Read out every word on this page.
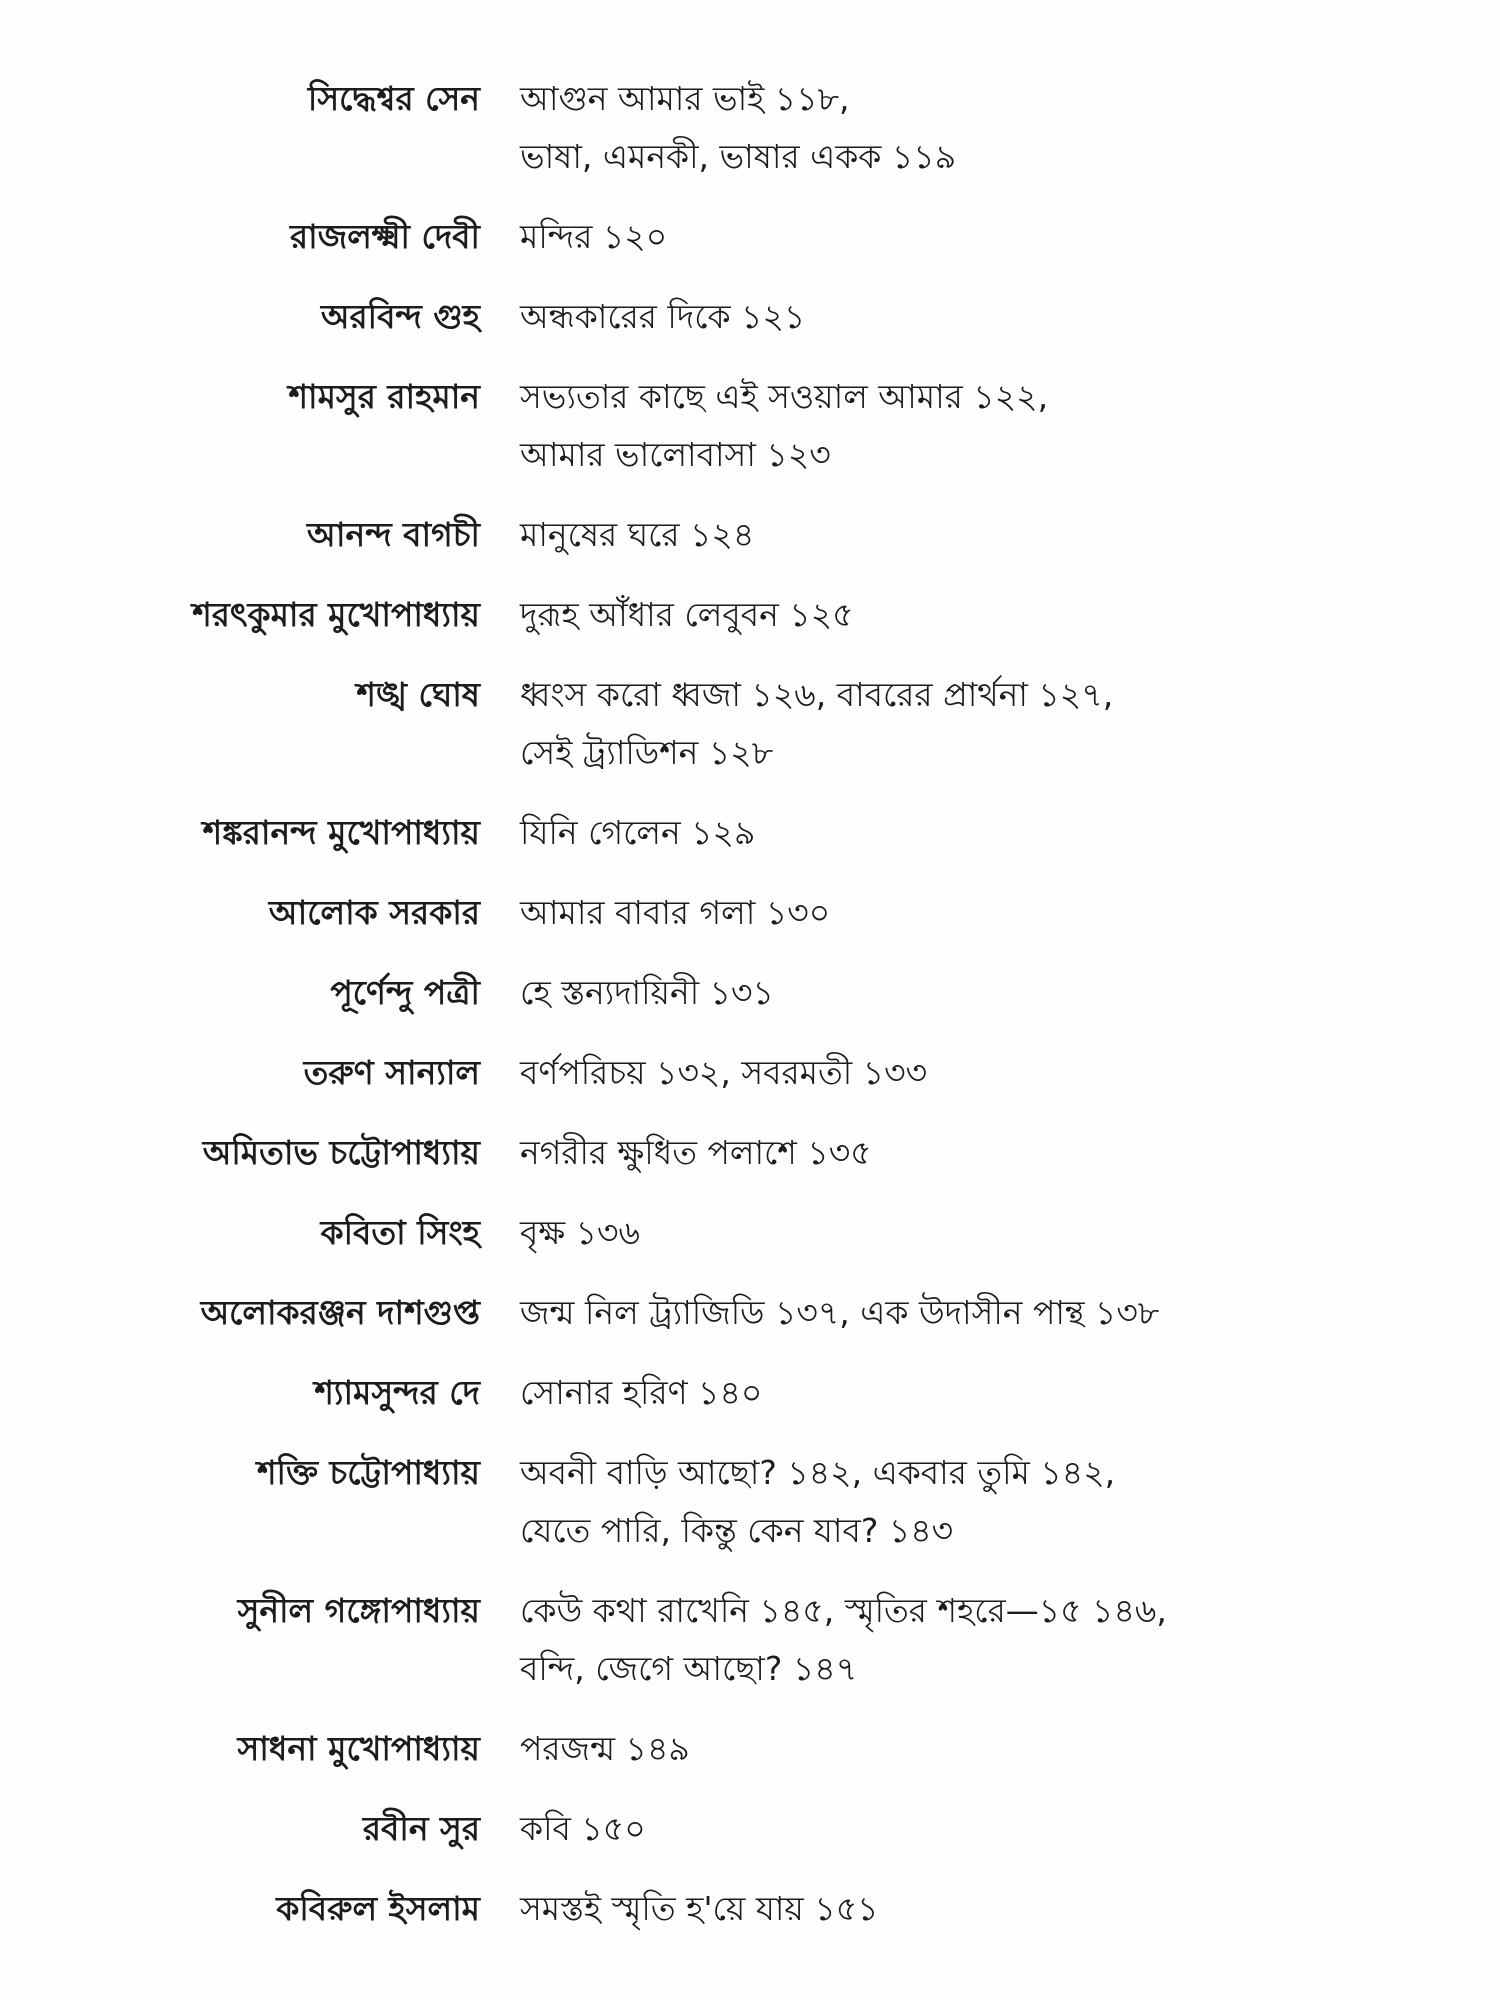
সিদ্ধেশ্বর সেন	আগুন আমার ভাই ১১৮,
ভাষা, এমনকী, ভাষার একক ১১৯
রাজলক্ষ্মী দেবী	মন্দির ১২০
অরবিন্দ গুহ	অন্ধকারের দিকে ১২১
শামসুর রাহমান	সভ্যতার কাছে এই সওয়াল আমার ১২২,
আমার ভালোবাসা ১২৩
আনন্দ বাগচী	মানুষের ঘরে ১২৪
শরৎকুমার মুখোপাধ্যায়	দুরূহ আঁধার লেবুবন ১২৫
শঙ্খ ঘোষ	ধ্বংস করো ধ্বজা ১২৬, বাবরের প্রার্থনা ১২৭,
সেই ট্র্যাডিশন ১২৮
শঙ্করানন্দ মুখোপাধ্যায়	যিনি গেলেন ১২৯
আলোক সরকার	আমার বাবার গলা ১৩০
পূর্ণেন্দু পত্রী	হে স্তন্যদায়িনী ১৩১
তরুণ সান্যাল	বর্ণপরিচয় ১৩২, সবরমতী ১৩৩
অমিতাভ চট্টোপাধ্যায়	নগরীর ক্ষুধিত পলাশে ১৩৫
কবিতা সিংহ	বৃক্ষ ১৩৬
অলোকরঞ্জন দাশগুপ্ত	জন্ম নিল ট্র্যাজিডি ১৩৭, এক উদাসীন পান্থ ১৩৮
শ্যামসুন্দর দে	সোনার হরিণ ১৪০
শক্তি চট্টোপাধ্যায়	অবনী বাড়ি আছো? ১৪২, একবার তুমি ১৪২,
যেতে পারি, কিন্তু কেন যাব? ১৪৩
সুনীল গঙ্গোপাধ্যায়	কেউ কথা রাখেনি ১৪৫, স্মৃতির শহরে—১৫ ১৪৬,
বন্দি, জেগে আছো? ১৪৭
সাধনা মুখোপাধ্যায়	পরজন্ম ১৪৯
রবীন সুর	কবি ১৫০
কবিরুল ইসলাম	সমস্তই স্মৃতি হ'য়ে যায় ১৫১
